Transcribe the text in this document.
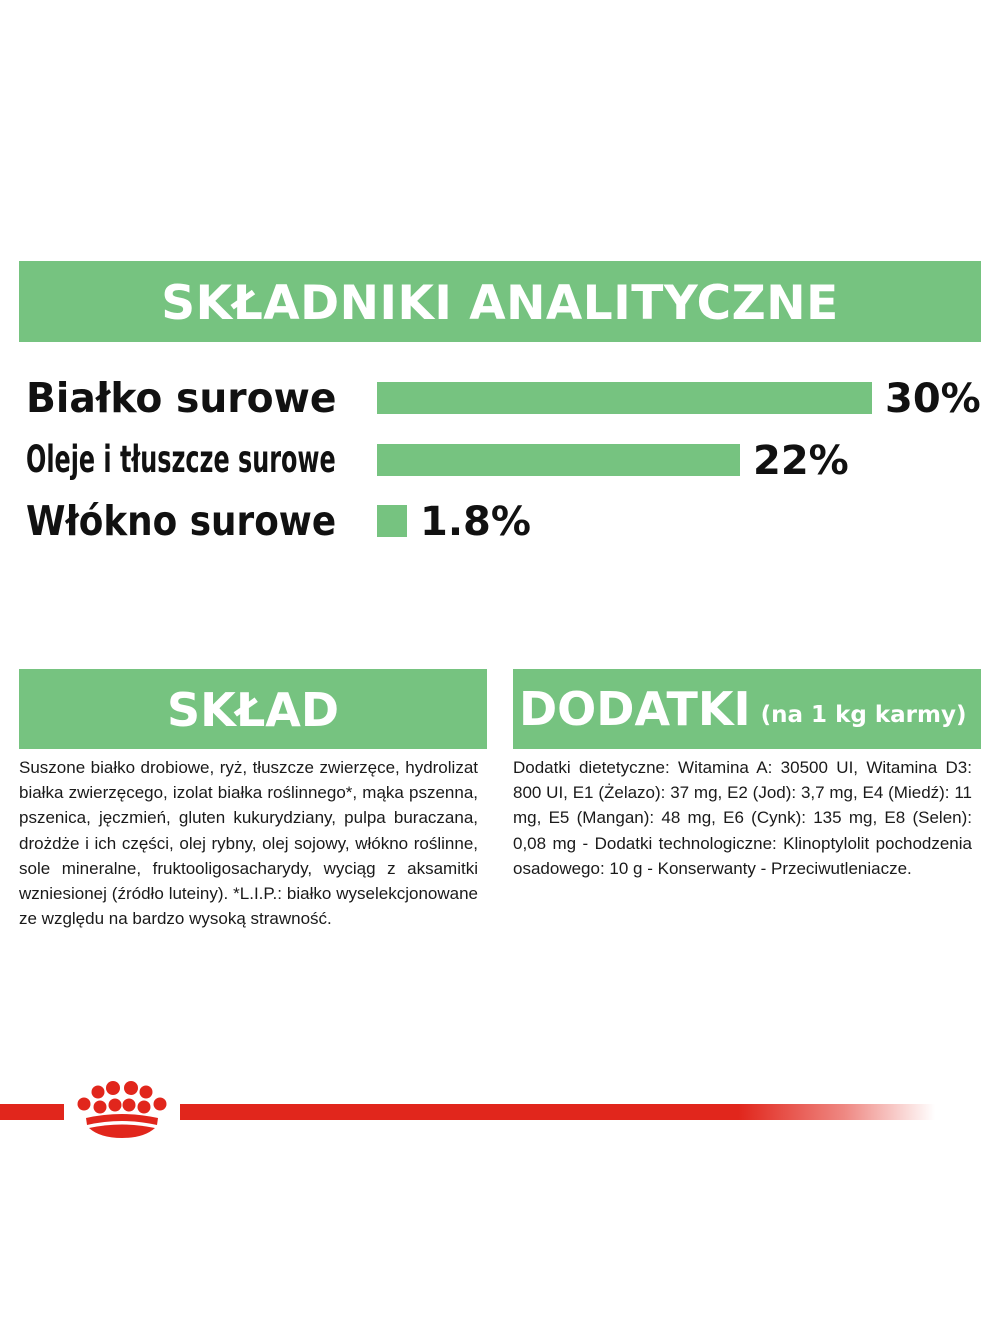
SKŁADNIKI ANALITYCZNE
Białko surowe	30%
Oleje i tłuszcze surowe	22%
Włókno surowe 1.8%
SKŁAD

Suszone białko drobiowe, ryż, tłuszcze zwierzęce, hydrolizat białka zwierzęcego, izolat białka roślinnego*, mąka pszenna, pszenica, jęczmień, gluten kukurydziany, pulpa buraczana, drożdże i ich części, olej rybny, olej sojowy, włókno roślinne, sole mineralne, fruktooligosacharydy, wyciąg z aksamitki wzniesionej (źródło luteiny). *L.I.P.: białko wyselekcjonowane ze względu na bardzo wysoką strawność.

DODATKI (na 1 kg karmy)

Dodatki dietetyczne: Witamina A: 30500 UI, Witamina D3: 800 UI, E1 (Żelazo): 37 mg, E2 (Jod): 3,7 mg, E4 (Miedź): 11 mg, E5 (Mangan): 48 mg, E6 (Cynk): 135 mg, E8 (Selen): 0,08 mg - Dodatki technologiczne: Klinoptylolit pochodzenia osadowego: 10 g - Konserwanty - Przeciwutleniacze.
